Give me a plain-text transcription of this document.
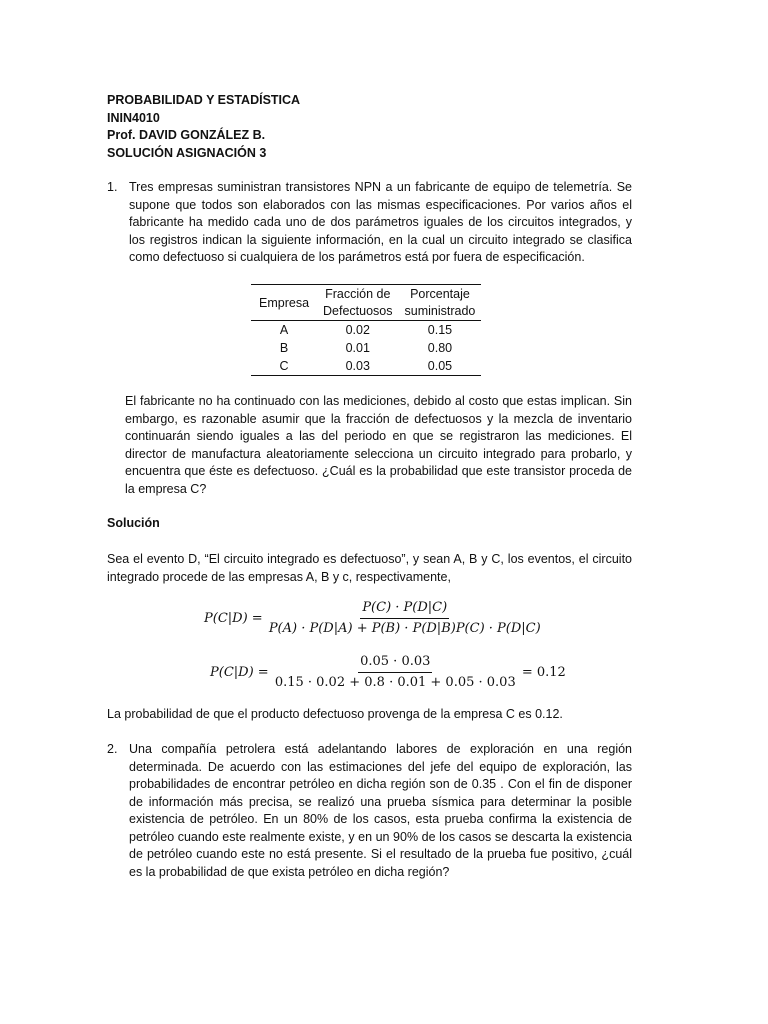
PROBABILIDAD Y ESTADÍSTICA
ININ4010
Prof. DAVID GONZÁLEZ B.
SOLUCIÓN ASIGNACIÓN 3
1. Tres empresas suministran transistores NPN a un fabricante de equipo de telemetría. Se supone que todos son elaborados con las mismas especificaciones. Por varios años el fabricante ha medido cada uno de dos parámetros iguales de los circuitos integrados, y los registros indican la siguiente información, en la cual un circuito integrado se clasifica como defectuoso si cualquiera de los parámetros está por fuera de especificación.
Empresa	Fracción de	Porcentaje
	Defectuosos	suministrado
A	0.02	0.15
B	0.01	0.80
C	0.03	0.05
El fabricante no ha continuado con las mediciones, debido al costo que estas implican. Sin embargo, es razonable asumir que la fracción de defectuosos y la mezcla de inventario continuarán siendo iguales a las del periodo en que se registraron las mediciones. El director de manufactura aleatoriamente selecciona un circuito integrado para probarlo, y encuentra que éste es defectuoso. ¿Cuál es la probabilidad que este transistor proceda de la empresa C?
Solución
Sea el evento D, “El circuito integrado es defectuoso”, y sean A, B y C, los eventos, el circuito integrado procede de las empresas A, B y c, respectivamente,
$P(C|D) = \frac{P(C) \cdot P(D|C)}{P(A) \cdot P(D|A) + P(B) \cdot P(D|B)P(C) \cdot P(D|C)}$
$P(C|D) = \frac{0.05 \cdot 0.03}{0.15 \cdot 0.02 + 0.8 \cdot 0.01 + 0.05 \cdot 0.03} = 0.12$
La probabilidad de que el producto defectuoso provenga de la empresa C es 0.12.
2. Una compañía petrolera está adelantando labores de exploración en una región determinada. De acuerdo con las estimaciones del jefe del equipo de exploración, las probabilidades de encontrar petróleo en dicha región son de 0.35 . Con el fin de disponer de información más precisa, se realizó una prueba sísmica para determinar la posible existencia de petróleo. En un 80% de los casos, esta prueba confirma la existencia de petróleo cuando este realmente existe, y en un 90% de los casos se descarta la existencia de petróleo cuando este no está presente. Si el resultado de la prueba fue positivo, ¿cuál es la probabilidad de que exista petróleo en dicha región?
